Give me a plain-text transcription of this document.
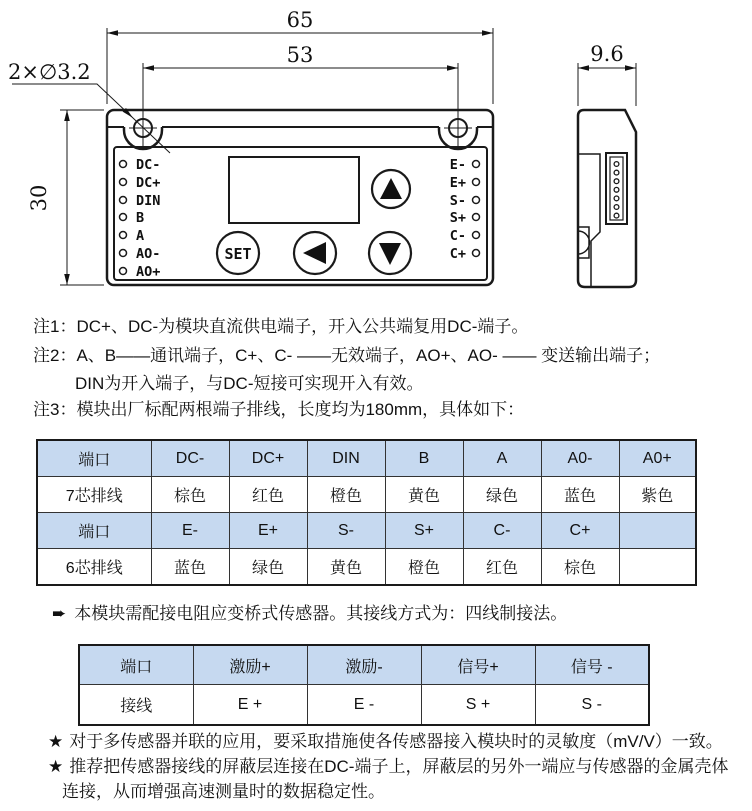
SET
DC-
DC+
DIN
B
A
AO-
AO+
E-
E+
S-
S+
C-
C+
65
53	9.6
30
2×∅3.2
注1：DC+、DC-为模块直流供电端子，开入公共端复用DC-端子。
注2：A、B——通讯端子，C+、C- ——无效端子，AO+、AO- —— 变送输出端子；
DIN为开入端子，与DC-短接可实现开入有效。
注3：模块出厂标配两根端子排线，长度均为180mm，具体如下：
端口	DC-	DC+	DIN	B	A	A0-	A0+
7芯排线	棕色	红色	橙色	黄色	绿色	蓝色	紫色
端口	E-	E+	S-	S+	C-	C+	
6芯排线	蓝色	绿色	黄色	橙色	红色	棕色	
➨ 本模块需配接电阻应变桥式传感器。其接线方式为：四线制接法。
端口	激励+	激励-	信号+	信号 -
接线	E +	E -	S +	S -
★ 对于多传感器并联的应用，要采取措施使各传感器接入模块时的灵敏度（mV/V）一致。
★ 推荐把传感器接线的屏蔽层连接在DC-端子上，屏蔽层的另外一端应与传感器的金属壳体
连接，从而增强高速测量时的数据稳定性。
